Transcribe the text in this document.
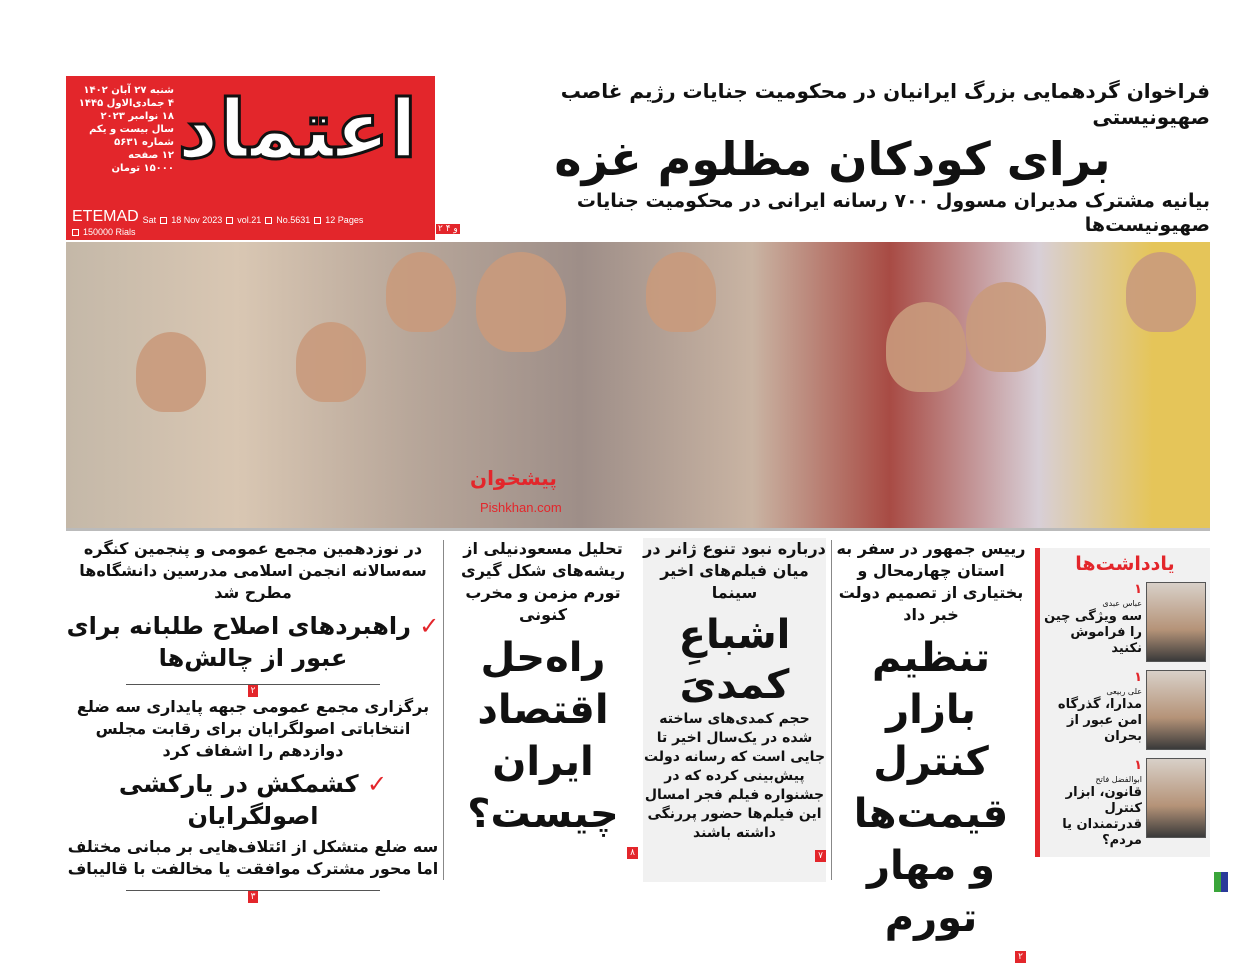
اعتماد
شنبه ۲۷ آبان ۱۴۰۲
۴ جمادی‌الاول ۱۴۴۵
۱۸ نوامبر ۲۰۲۳
سال بیست و یکم
شماره ۵۶۳۱
۱۲ صفحه
۱۵۰۰۰ تومان
ETEMAD Sat	18 Nov 2023	vol.21	No.5631	12 Pages
150000 Rials	۲ و ۴
فراخوان گردهمایی بزرگ ایرانیان در محکومیت جنایات رژیم غاصب صهیونیستی
برای کودکان مظلوم غزه
بیانیه مشترک مدیران مسوول ۷۰۰ رسانه ایرانی در محکومیت جنایات صهیونیست‌ها
پیشخوان
Pishkhan.com
در نوزدهمین مجمع عمومی و پنجمین کنگره سه‌سالانه انجمن اسلامی مدرسین دانشگاه‌ها مطرح شد
✓ راهبردهای اصلاح طلبانه برای عبور از چالش‌ها
۲
برگزاری مجمع عمومی جبهه پایداری سه ضلع انتخاباتی اصولگرایان برای رقابت مجلس دوازدهم را اشفاف کرد
✓ کشمکش در یارکشی اصولگرایان
سه ضلع متشکل از ائتلاف‌هایی بر مبانی مختلف اما محور مشترک موافقت یا مخالفت با قالیباف
۳
تحلیل مسعودنیلی از ریشه‌های شکل گیری تورم مزمن و مخرب کنونی
راه‌حل اقتصاد ایران چیست؟
۸
درباره نبود تنوع ژانر در میان فیلم‌های اخیر سینما
اشباعِ کمدیَ
حجم کمدی‌های ساخته شده در یک‌سال اخیر تا جایی است که رسانه دولت پیش‌بینی کرده که در جشنواره فیلم فجر امسال این فیلم‌ها حضور پررنگی داشته باشند
۷
رییس جمهور در سفر به استان چهارمحال و بختیاری از تصمیم دولت خبر داد
تنظیم بازار کنترل قیمت‌ها و مهار تورم
۲
یادداشت‌ها
۱
عباس عبدی
سه ویژگی چین را فراموش نکنید
۱
علی ربیعی
مدارا، گذرگاه امن عبور از بحران
۱
ابوالفضل فاتح
قانون، ابزار کنترل قدرتمندان یا مردم؟
